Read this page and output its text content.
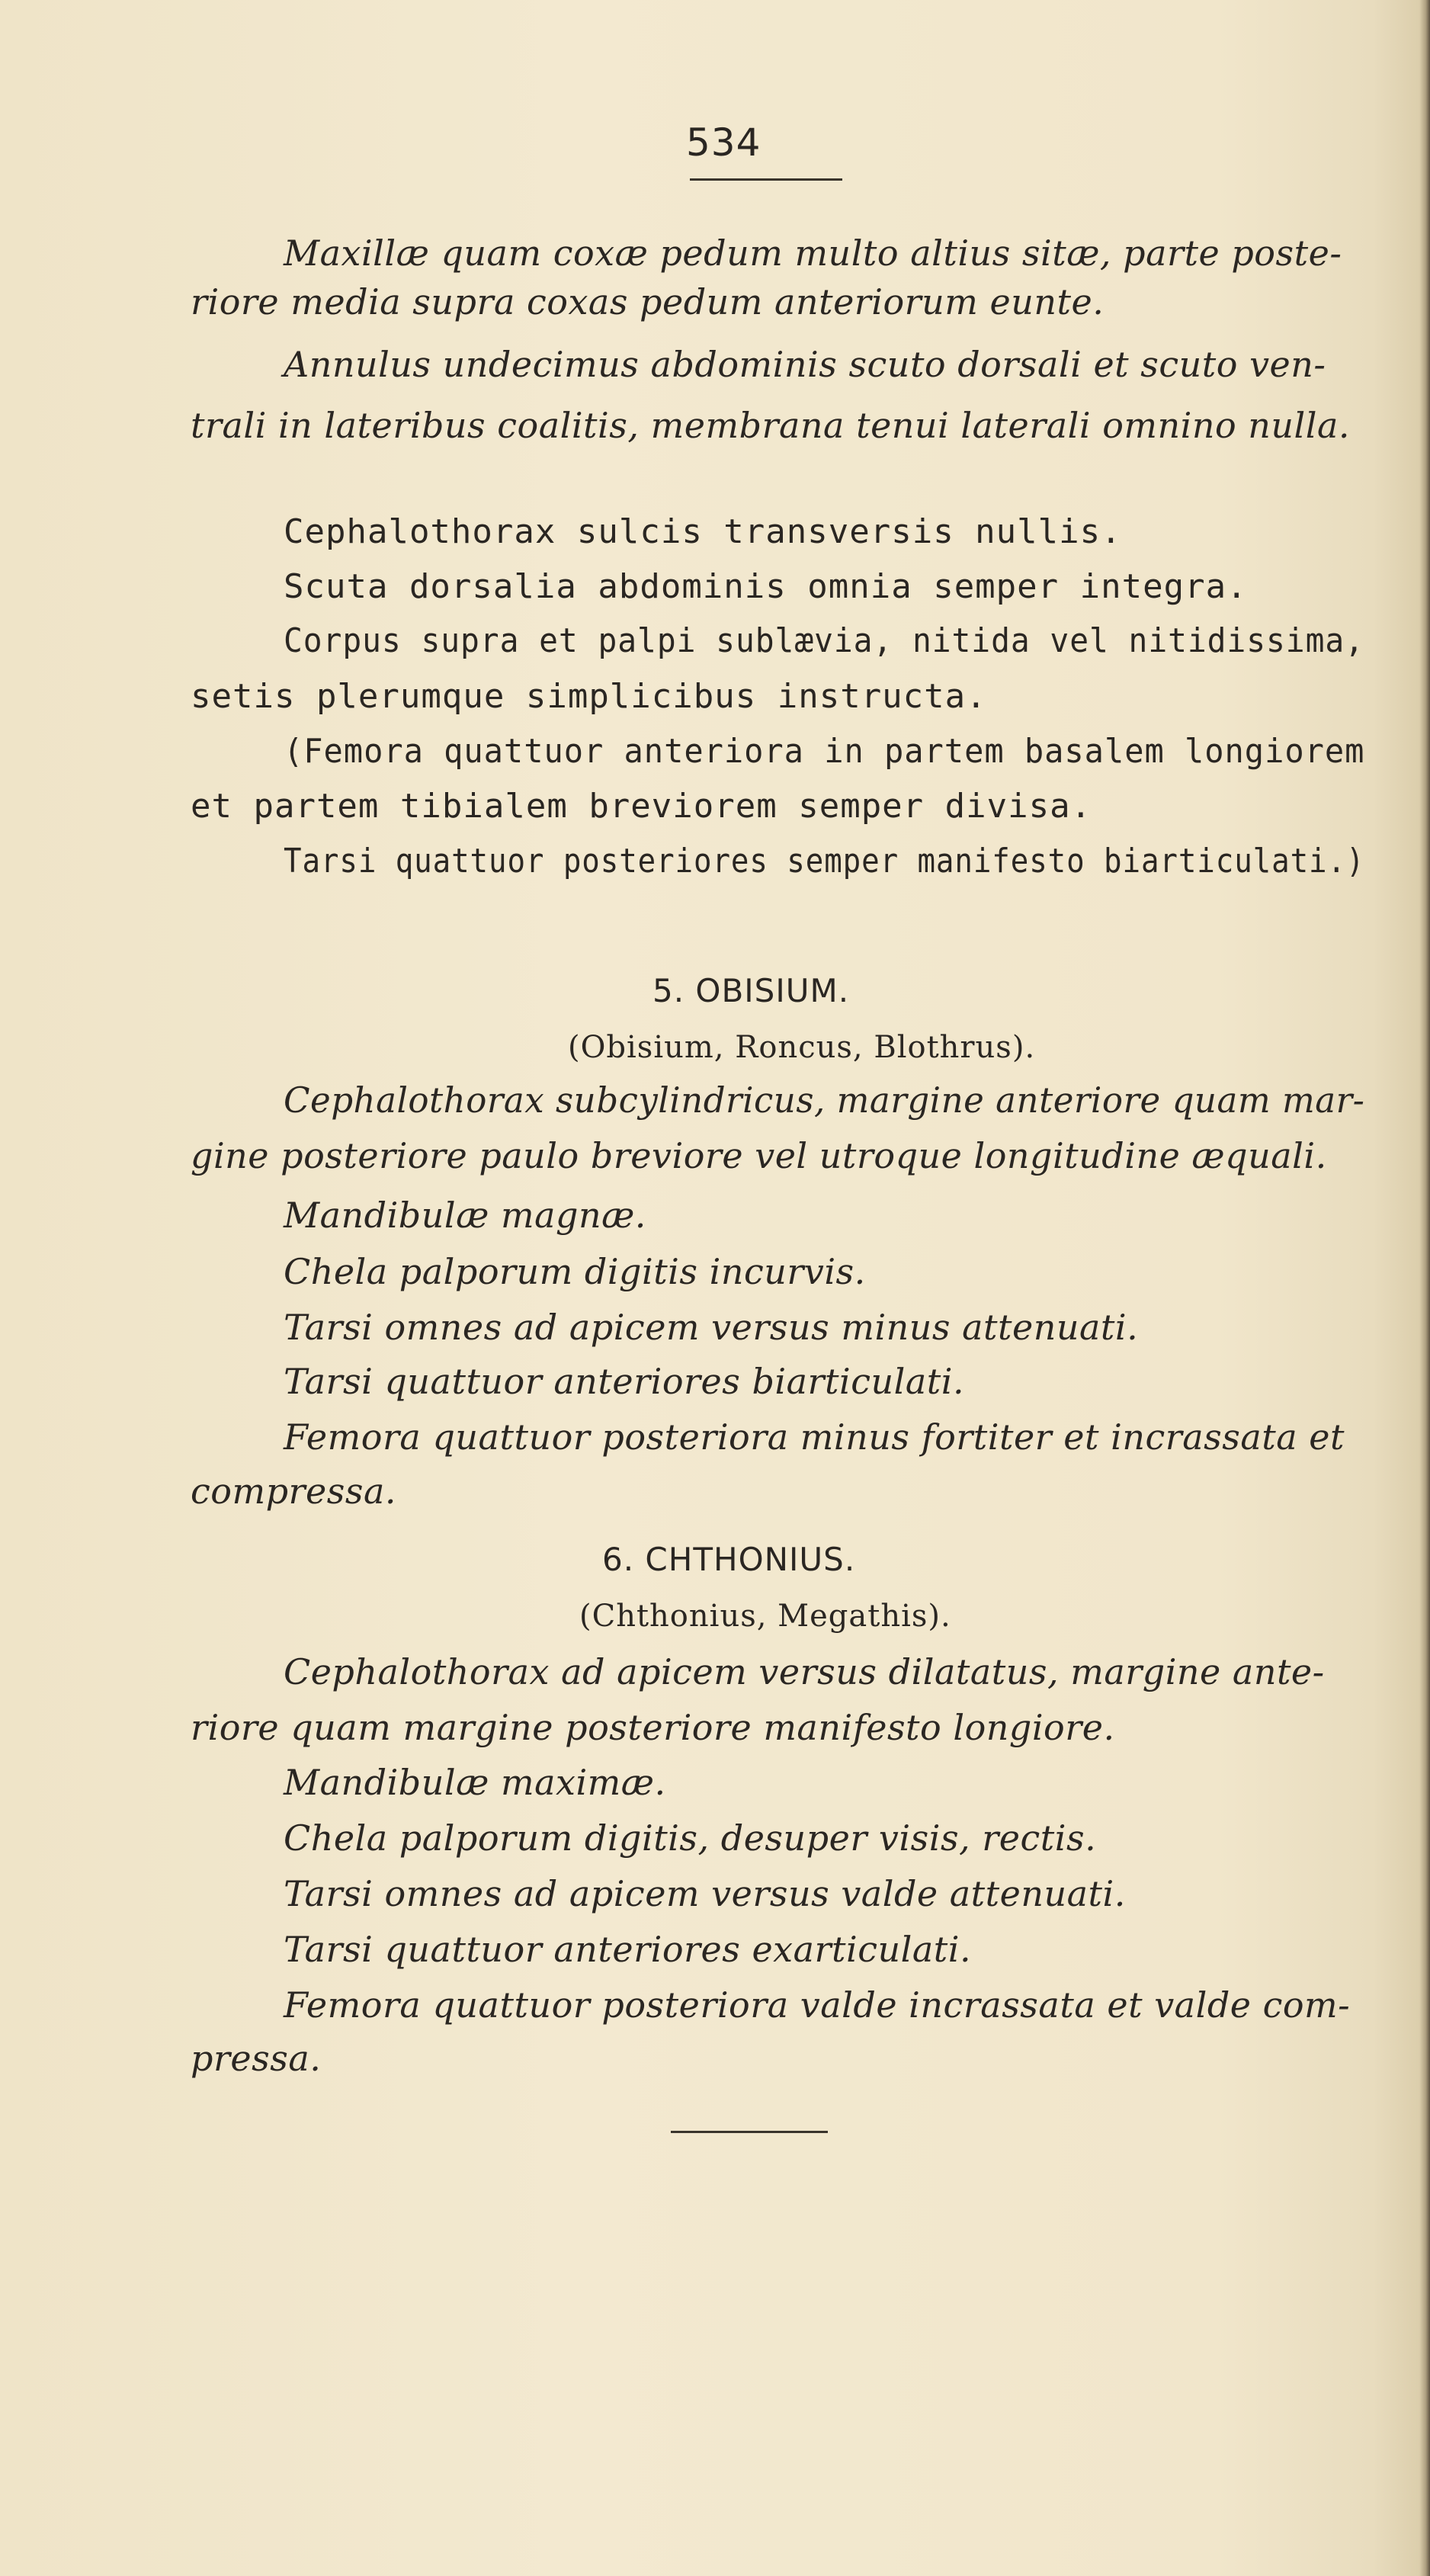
534
Maxillæ quam coxæ pedum multo altius sitæ, parte poste-
riore media supra coxas pedum anteriorum eunte.
Annulus undecimus abdominis scuto dorsali et scuto ven-
trali in lateribus coalitis, membrana tenui laterali omnino nulla.
Cephalothorax sulcis transversis nullis.
Scuta dorsalia abdominis omnia semper integra.
Corpus supra et palpi sublævia, nitida vel nitidissima,
setis plerumque simplicibus instructa.
(Femora quattuor anteriora in partem basalem longiorem
et partem tibialem breviorem semper divisa.
Tarsi quattuor posteriores semper manifesto biarticulati.)
5. OBISIUM.
(Obisium, Roncus, Blothrus).
Cephalothorax subcylindricus, margine anteriore quam mar-
gine posteriore paulo breviore vel utroque longitudine æquali.
Mandibulæ magnæ.
Chela palporum digitis incurvis.
Tarsi omnes ad apicem versus minus attenuati.
Tarsi quattuor anteriores biarticulati.
Femora quattuor posteriora minus fortiter et incrassata et
compressa.
6. CHTHONIUS.
(Chthonius, Megathis).
Cephalothorax ad apicem versus dilatatus, margine ante-
riore quam margine posteriore manifesto longiore.
Mandibulæ maximæ.
Chela palporum digitis, desuper visis, rectis.
Tarsi omnes ad apicem versus valde attenuati.
Tarsi quattuor anteriores exarticulati.
Femora quattuor posteriora valde incrassata et valde com-
pressa.
